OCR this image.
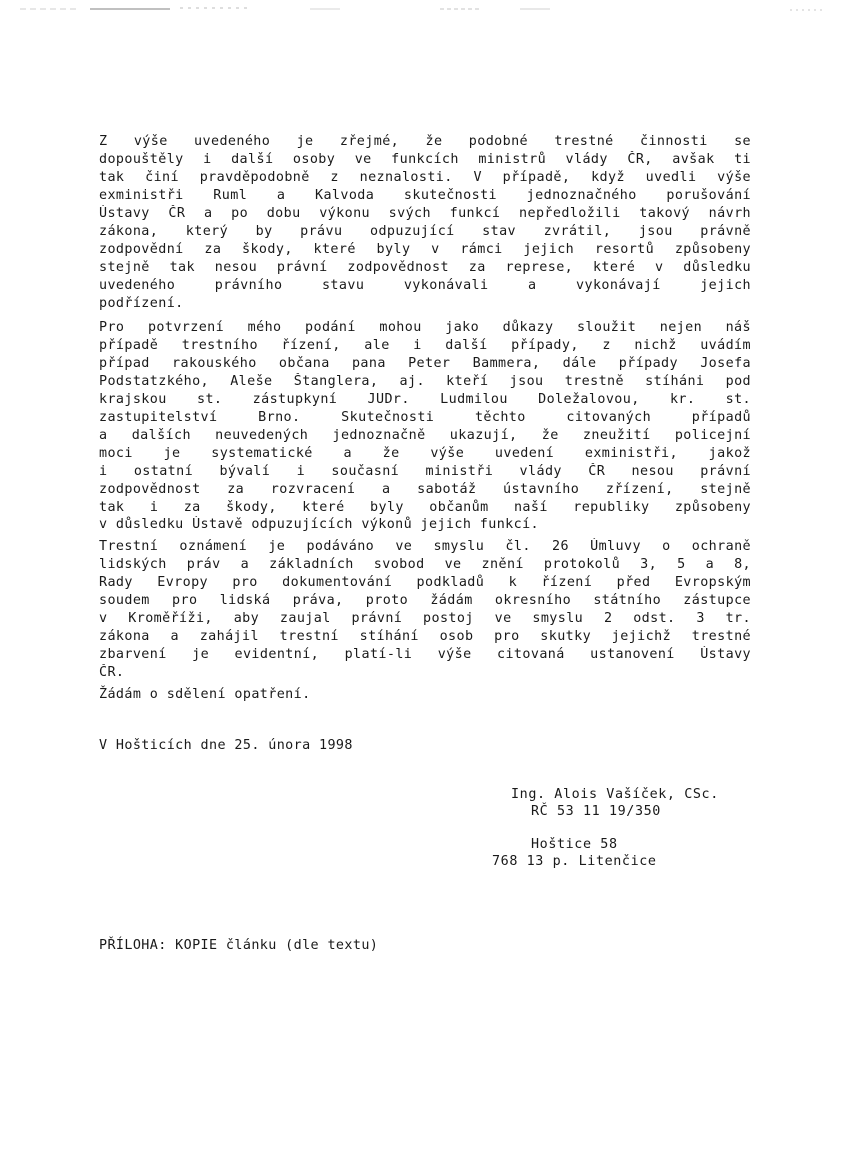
Z výše uvedeného je zřejmé, že podobné trestné činnosti se
dopouštěly i další osoby ve funkcích ministrů vlády ČR, avšak ti
tak činí pravděpodobně z neznalosti. V případě, když uvedli výše
exministři Ruml a Kalvoda skutečnosti jednoznačného porušování
Ústavy ČR a po dobu výkonu svých funkcí nepředložili takový návrh
zákona, který by právu odpuzující stav zvrátil, jsou právně
zodpovědní za škody, které byly v rámci jejich resortů způsobeny
stejně tak nesou právní zodpovědnost za represe, které v důsledku
uvedeného právního stavu vykonávali a vykonávají jejich
podřízení.
Pro potvrzení mého podání mohou jako důkazy sloužit nejen náš
případě trestního řízení, ale i další případy, z nichž uvádím
případ rakouského občana pana Peter Bammera, dále případy Josefa
Podstatzkého, Aleše Štanglera, aj. kteří jsou trestně stíháni pod
krajskou st. zástupkyní JUDr. Ludmilou Doležalovou, kr. st.
zastupitelství Brno. Skutečnosti těchto citovaných případů
a dalších neuvedených jednoznačně ukazují, že zneužití policejní
moci je systematické a že výše uvedení exministři, jakož
i ostatní bývalí i současní ministři vlády ČR nesou právní
zodpovědnost za rozvracení a sabotáž ústavního zřízení, stejně
tak i za škody, které byly občanům naší republiky způsobeny
v důsledku Ústavě odpuzujících výkonů jejich funkcí.
Trestní oznámení je podáváno ve smyslu čl. 26 Úmluvy o ochraně
lidských práv a základních svobod ve znění protokolů 3, 5 a 8,
Rady Evropy pro dokumentování podkladů k řízení před Evropským
soudem pro lidská práva, proto žádám okresního státního zástupce
v Kroměříži, aby zaujal právní postoj ve smyslu 2 odst. 3 tr.
zákona a zahájil trestní stíhání osob pro skutky jejichž trestné
zbarvení je evidentní, platí-li výše citovaná ustanovení Ústavy
ČR.

Žádám o sdělení opatření.

V Hošticích dne 25. února 1998

Ing. Alois Vašíček, CSc.

RČ 53 11 19/350

Hoštice 58

768 13 p. Litenčice

PŘÍLOHA: KOPIE článku (dle textu)
